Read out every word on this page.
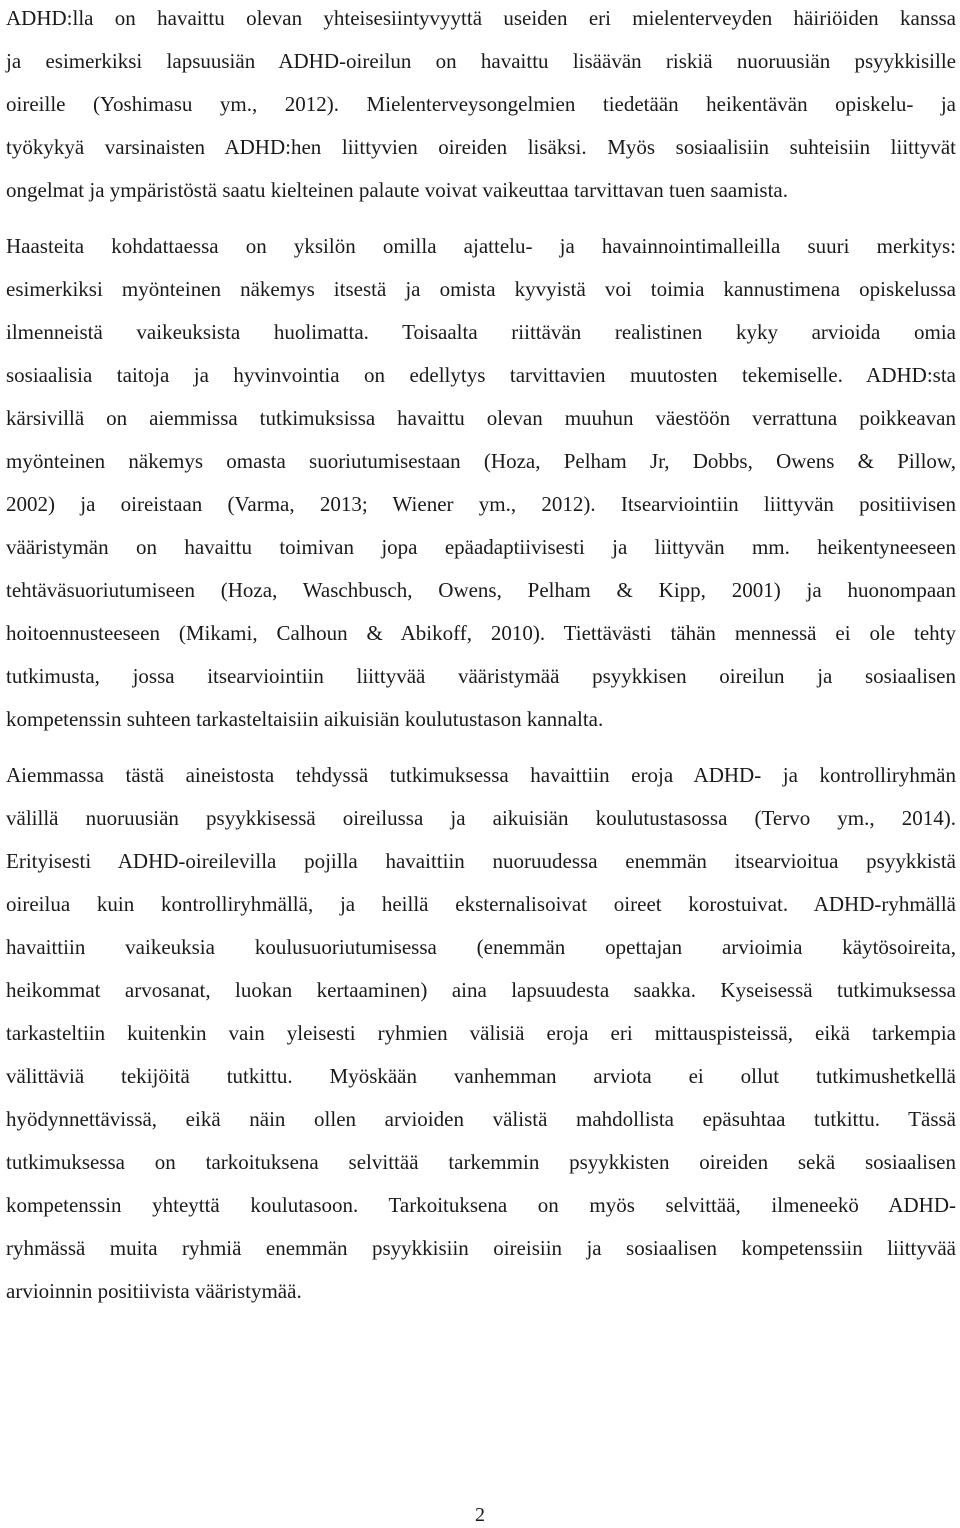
ADHD:lla on havaittu olevan yhteisesiintyvyyttä useiden eri mielenterveyden häiriöiden kanssa
ja esimerkiksi lapsuusiän ADHD-oireilun on havaittu lisäävän riskiä nuoruusiän psyykkisille
oireille (Yoshimasu ym., 2012). Mielenterveysongelmien tiedetään heikentävän opiskelu- ja
työkykyä varsinaisten ADHD:hen liittyvien oireiden lisäksi. Myös sosiaalisiin suhteisiin liittyvät
ongelmat ja ympäristöstä saatu kielteinen palaute voivat vaikeuttaa tarvittavan tuen saamista.
Haasteita kohdattaessa on yksilön omilla ajattelu- ja havainnointimalleilla suuri merkitys:
esimerkiksi myönteinen näkemys itsestä ja omista kyvyistä voi toimia kannustimena opiskelussa
ilmenneistä vaikeuksista huolimatta. Toisaalta riittävän realistinen kyky arvioida omia
sosiaalisia taitoja ja hyvinvointia on edellytys tarvittavien muutosten tekemiselle. ADHD:sta
kärsivillä on aiemmissa tutkimuksissa havaittu olevan muuhun väestöön verrattuna poikkeavan
myönteinen näkemys omasta suoriutumisestaan (Hoza, Pelham Jr, Dobbs, Owens & Pillow,
2002) ja oireistaan (Varma, 2013; Wiener ym., 2012). Itsearviointiin liittyvän positiivisen
vääristymän on havaittu toimivan jopa epäadaptiivisesti ja liittyvän mm. heikentyneeseen
tehtäväsuoriutumiseen (Hoza, Waschbusch, Owens, Pelham & Kipp, 2001) ja huonompaan
hoitoennusteeseen (Mikami, Calhoun & Abikoff, 2010). Tiettävästi tähän mennessä ei ole tehty
tutkimusta, jossa itsearviointiin liittyvää vääristymää psyykkisen oireilun ja sosiaalisen
kompetenssin suhteen tarkasteltaisiin aikuisiän koulutustason kannalta.
Aiemmassa tästä aineistosta tehdyssä tutkimuksessa havaittiin eroja ADHD- ja kontrolliryhmän
välillä nuoruusiän psyykkisessä oireilussa ja aikuisiän koulutustasossa (Tervo ym., 2014).
Erityisesti ADHD-oireilevilla pojilla havaittiin nuoruudessa enemmän itsearvioitua psyykkistä
oireilua kuin kontrolliryhmällä, ja heillä eksternalisoivat oireet korostuivat. ADHD-ryhmällä
havaittiin vaikeuksia koulusuoriutumisessa (enemmän opettajan arvioimia käytösoireita,
heikommat arvosanat, luokan kertaaminen) aina lapsuudesta saakka. Kyseisessä tutkimuksessa
tarkasteltiin kuitenkin vain yleisesti ryhmien välisiä eroja eri mittauspisteissä, eikä tarkempia
välittäviä tekijöitä tutkittu. Myöskään vanhemman arviota ei ollut tutkimushetkellä
hyödynnettävissä, eikä näin ollen arvioiden välistä mahdollista epäsuhtaa tutkittu. Tässä
tutkimuksessa on tarkoituksena selvittää tarkemmin psyykkisten oireiden sekä sosiaalisen
kompetenssin yhteyttä koulutasoon. Tarkoituksena on myös selvittää, ilmeneekö ADHD-
ryhmässä muita ryhmiä enemmän psyykkisiin oireisiin ja sosiaalisen kompetenssiin liittyvää
arvioinnin positiivista vääristymää.
2
